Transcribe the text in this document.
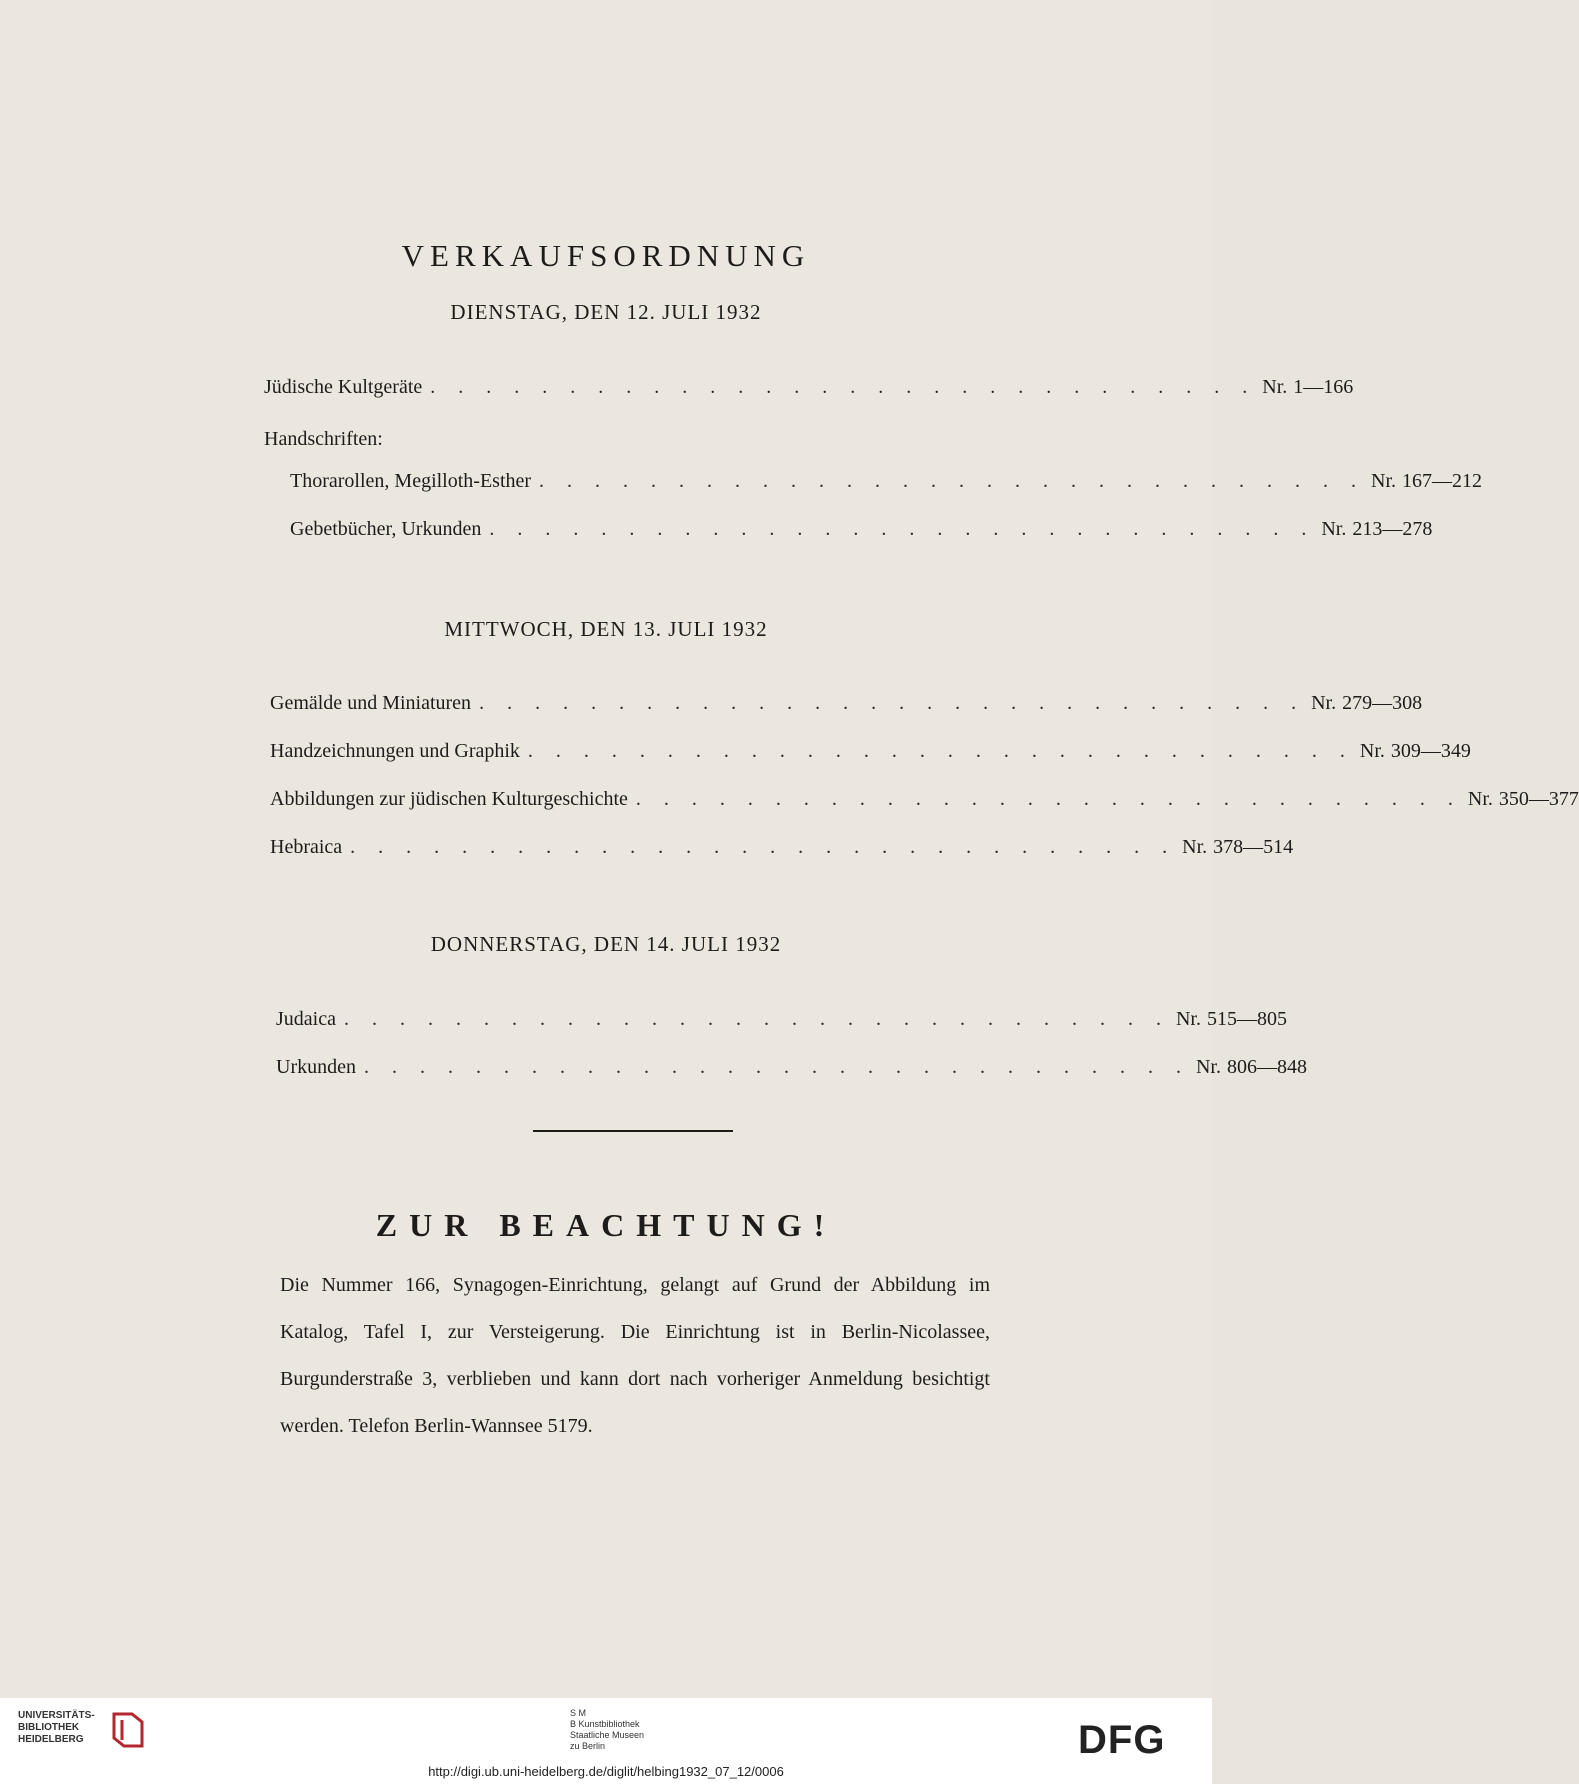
VERKAUFSORDNUNG
DIENSTAG, DEN 12. JULI 1932
Jüdische Kultgeräte . . . . . . . . . . . . . . . . . . . . . . . . . . . . . . Nr. 1—166
Handschriften:
Thorarollen, Megilloth-Esther . . . . . . . . . . . . . . . . . . . . . . . . . . . . . . Nr. 167—212
Gebetbücher, Urkunden . . . . . . . . . . . . . . . . . . . . . . . . . . . . . . Nr. 213—278
MITTWOCH, DEN 13. JULI 1932
Gemälde und Miniaturen . . . . . . . . . . . . . . . . . . . . . . . . . . . . . . Nr. 279—308
Handzeichnungen und Graphik . . . . . . . . . . . . . . . . . . . . . . . . . . . . . . Nr. 309—349
Abbildungen zur jüdischen Kulturgeschichte . . . . . . . . . . . . . . . . . . . . . . . . . . . . . . Nr. 350—377
Hebraica . . . . . . . . . . . . . . . . . . . . . . . . . . . . . . Nr. 378—514
DONNERSTAG, DEN 14. JULI 1932
Judaica . . . . . . . . . . . . . . . . . . . . . . . . . . . . . . Nr. 515—805
Urkunden . . . . . . . . . . . . . . . . . . . . . . . . . . . . . . Nr. 806—848
ZUR BEACHTUNG!

Die Nummer 166, Synagogen-Einrichtung, gelangt auf Grund der Abbildung im Katalog, Tafel I, zur Versteigerung. Die Einrichtung ist in Berlin-Nicolassee, Burgunderstraße 3, verblieben und kann dort nach vorheriger Anmeldung besichtigt werden. Telefon Berlin-Wannsee 5179.

UNIVERSITÄTS-
BIBLIOTHEK
HEIDELBERG
S M
B Kunstbibliothek
Staatliche Museen
zu Berlin	DFG
http://digi.ub.uni-heidelberg.de/diglit/helbing1932_07_12/0006
